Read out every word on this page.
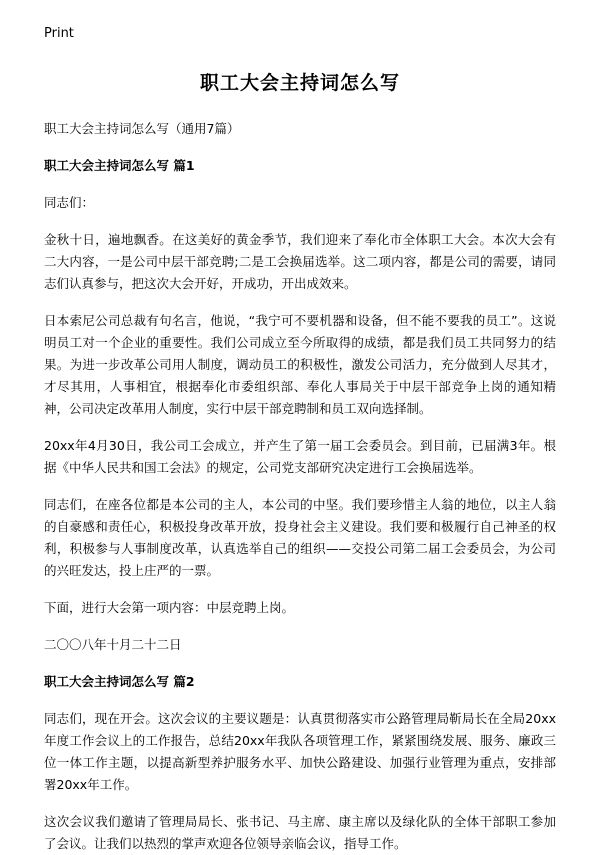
Print
职工大会主持词怎么写

职工大会主持词怎么写（通用7篇）

职工大会主持词怎么写 篇1

同志们：

金秋十日，遍地飘香。在这美好的黄金季节，我们迎来了奉化市全体职工大会。本次大会有二大内容，一是公司中层干部竞聘;二是工会换届选举。这二项内容，都是公司的需要，请同志们认真参与，把这次大会开好，开成功，开出成效来。

日本索尼公司总裁有句名言，他说，“我宁可不要机器和设备，但不能不要我的员工”。这说明员工对一个企业的重要性。我们公司成立至今所取得的成绩，都是我们员工共同努力的结果。为进一步改革公司用人制度，调动员工的积极性，激发公司活力，充分做到人尽其才，才尽其用，人事相宜，根据奉化市委组织部、奉化人事局关于中层干部竞争上岗的通知精神，公司决定改革用人制度，实行中层干部竞聘制和员工双向选择制。

20xx年4月30日，我公司工会成立，并产生了第一届工会委员会。到目前，已届满3年。根据《中华人民共和国工会法》的规定，公司党支部研究决定进行工会换届选举。

同志们，在座各位都是本公司的主人，本公司的中坚。我们要珍惜主人翁的地位，以主人翁的自豪感和责任心，积极投身改革开放，投身社会主义建设。我们要和极履行自己神圣的权利，积极参与人事制度改革，认真选举自己的组织——交投公司第二届工会委员会，为公司的兴旺发达，投上庄严的一票。

下面，进行大会第一项内容：中层竞聘上岗。

二〇〇八年十月二十二日

职工大会主持词怎么写 篇2

同志们，现在开会。这次会议的主要议题是：认真贯彻落实市公路管理局靳局长在全局20xx年度工作会议上的工作报告，总结20xx年我队各项管理工作，紧紧围绕发展、服务、廉政三位一体工作主题，以提高新型养护服务水平、加快公路建设、加强行业管理为重点，安排部署20xx年工作。

这次会议我们邀请了管理局局长、张书记、马主席、康主席以及绿化队的全体干部职工参加了会议。让我们以热烈的掌声欢迎各位领导亲临会议，指导工作。
